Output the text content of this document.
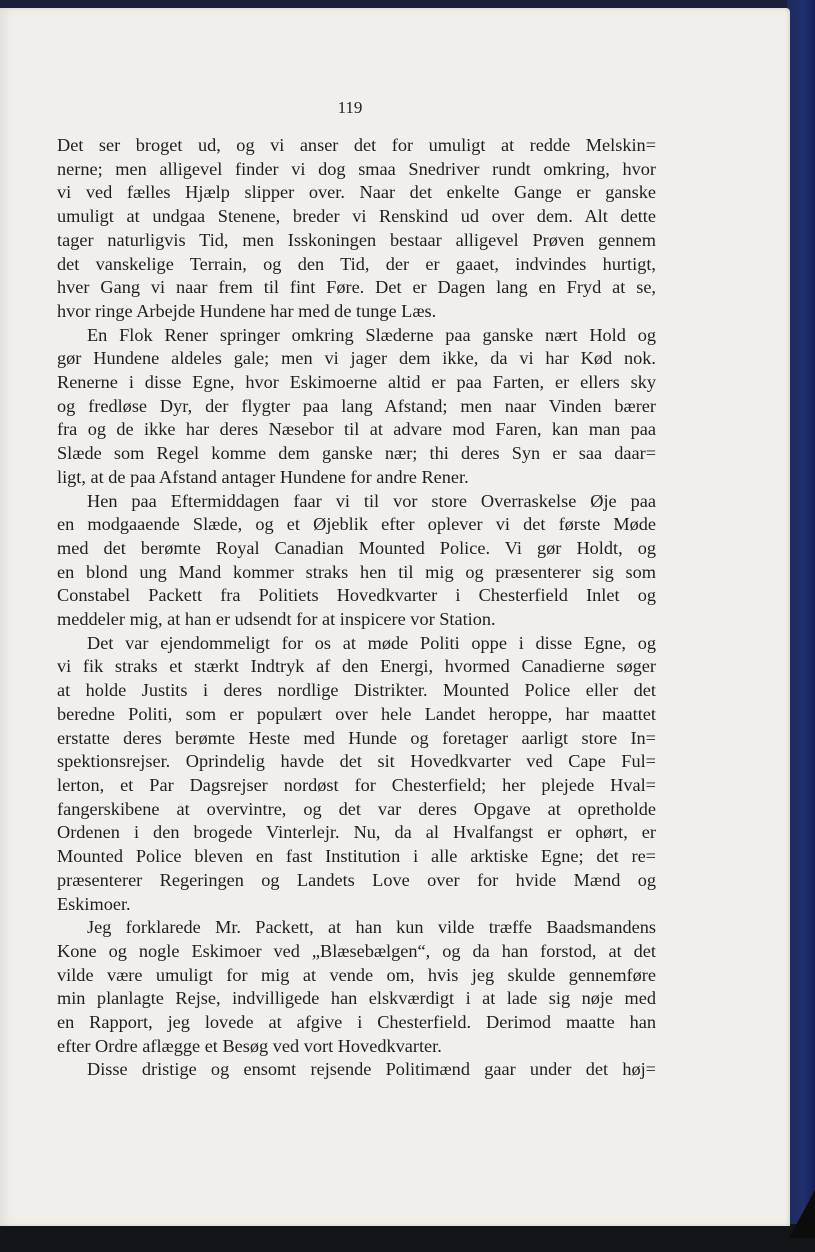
119
Det ser broget ud, og vi anser det for umuligt at redde Melskin=
nerne; men alligevel finder vi dog smaa Snedriver rundt omkring, hvor
vi ved fælles Hjælp slipper over. Naar det enkelte Gange er ganske
umuligt at undgaa Stenene, breder vi Renskind ud over dem. Alt dette
tager naturligvis Tid, men Isskoningen bestaar alligevel Prøven gennem
det vanskelige Terrain, og den Tid, der er gaaet, indvindes hurtigt,
hver Gang vi naar frem til fint Føre. Det er Dagen lang en Fryd at se,
hvor ringe Arbejde Hundene har med de tunge Læs.
En Flok Rener springer omkring Slæderne paa ganske nært Hold og
gør Hundene aldeles gale; men vi jager dem ikke, da vi har Kød nok.
Renerne i disse Egne, hvor Eskimoerne altid er paa Farten, er ellers sky
og fredløse Dyr, der flygter paa lang Afstand; men naar Vinden bærer
fra og de ikke har deres Næsebor til at advare mod Faren, kan man paa
Slæde som Regel komme dem ganske nær; thi deres Syn er saa daar=
ligt, at de paa Afstand antager Hundene for andre Rener.
Hen paa Eftermiddagen faar vi til vor store Overraskelse Øje paa
en modgaaende Slæde, og et Øjeblik efter oplever vi det første Møde
med det berømte Royal Canadian Mounted Police. Vi gør Holdt, og
en blond ung Mand kommer straks hen til mig og præsenterer sig som
Constabel Packett fra Politiets Hovedkvarter i Chesterfield Inlet og
meddeler mig, at han er udsendt for at inspicere vor Station.
Det var ejendommeligt for os at møde Politi oppe i disse Egne, og
vi fik straks et stærkt Indtryk af den Energi, hvormed Canadierne søger
at holde Justits i deres nordlige Distrikter. Mounted Police eller det
beredne Politi, som er populært over hele Landet heroppe, har maattet
erstatte deres berømte Heste med Hunde og foretager aarligt store In=
spektionsrejser. Oprindelig havde det sit Hovedkvarter ved Cape Ful=
lerton, et Par Dagsrejser nordøst for Chesterfield; her plejede Hval=
fangerskibene at overvintre, og det var deres Opgave at opretholde
Ordenen i den brogede Vinterlejr. Nu, da al Hvalfangst er ophørt, er
Mounted Police bleven en fast Institution i alle arktiske Egne; det re=
præsenterer Regeringen og Landets Love over for hvide Mænd og
Eskimoer.
Jeg forklarede Mr. Packett, at han kun vilde træffe Baadsmandens
Kone og nogle Eskimoer ved „Blæsebælgen“, og da han forstod, at det
vilde være umuligt for mig at vende om, hvis jeg skulde gennemføre
min planlagte Rejse, indvilligede han elskværdigt i at lade sig nøje med
en Rapport, jeg lovede at afgive i Chesterfield. Derimod maatte han
efter Ordre aflægge et Besøg ved vort Hovedkvarter.
Disse dristige og ensomt rejsende Politimænd gaar under det høj=
